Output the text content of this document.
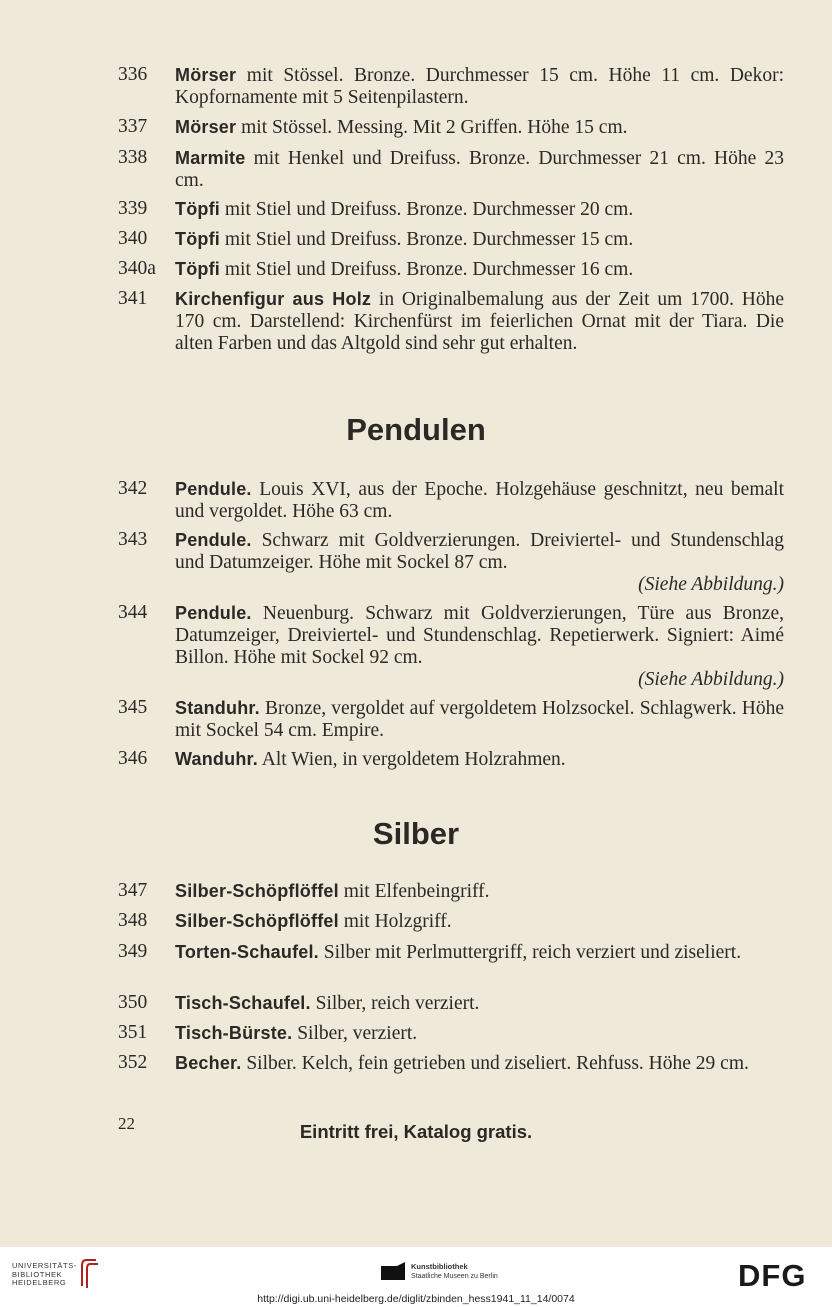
336	Mörser mit Stössel. Bronze. Durchmesser 15 cm. Höhe 11 cm. Dekor: Kopfornamente mit 5 Seitenpilastern.
337	Mörser mit Stössel. Messing. Mit 2 Griffen. Höhe 15 cm.
338	Marmite mit Henkel und Dreifuss. Bronze. Durchmesser 21 cm. Höhe 23 cm.
339	Töpfi mit Stiel und Dreifuss. Bronze. Durchmesser 20 cm.
340	Töpfi mit Stiel und Dreifuss. Bronze. Durchmesser 15 cm.
340a	Töpfi mit Stiel und Dreifuss. Bronze. Durchmesser 16 cm.
341	Kirchenfigur aus Holz in Originalbemalung aus der Zeit um 1700. Höhe 170 cm. Darstellend: Kirchenfürst im feierlichen Ornat mit der Tiara. Die alten Farben und das Altgold sind sehr gut erhalten.
Pendulen
342	Pendule. Louis XVI, aus der Epoche. Holzgehäuse geschnitzt, neu bemalt und vergoldet. Höhe 63 cm.
343	Pendule. Schwarz mit Goldverzierungen. Dreiviertel- und Stundenschlag und Datumzeiger. Höhe mit Sockel 87 cm.
(Siehe Abbildung.)
344	Pendule. Neuenburg. Schwarz mit Goldverzierungen, Türe aus Bronze, Datumzeiger, Dreiviertel- und Stundenschlag. Repetierwerk. Signiert: Aimé Billon. Höhe mit Sockel 92 cm.
(Siehe Abbildung.)
345	Standuhr. Bronze, vergoldet auf vergoldetem Holzsockel. Schlagwerk. Höhe mit Sockel 54 cm. Empire.
346	Wanduhr. Alt Wien, in vergoldetem Holzrahmen.
Silber
347	Silber-Schöpflöffel mit Elfenbeingriff.
348	Silber-Schöpflöffel mit Holzgriff.
349	Torten-Schaufel. Silber mit Perlmuttergriff, reich verziert und ziseliert.
350	Tisch-Schaufel. Silber, reich verziert.
351	Tisch-Bürste. Silber, verziert.
352	Becher. Silber. Kelch, fein getrieben und ziseliert. Rehfuss. Höhe 29 cm.
22	Eintritt frei, Katalog gratis.
UNIVERSITÄTS-
BIBLIOTHEK
HEIDELBERG
Kunstbibliothek
Staatliche Museen zu Berlin	DFG
http://digi.ub.uni-heidelberg.de/diglit/zbinden_hess1941_11_14/0074
